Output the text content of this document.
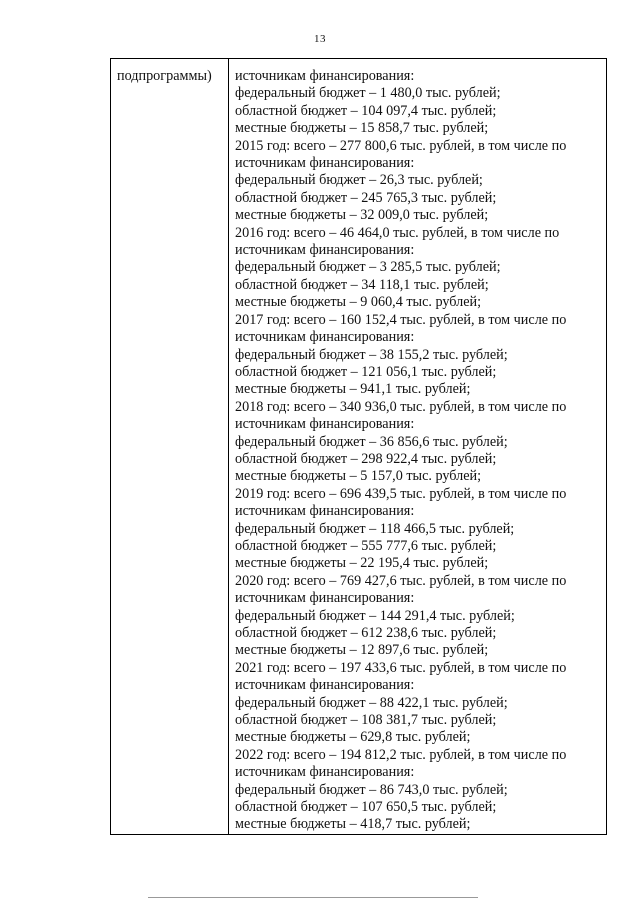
13
подпрограммы)	источникам финансирования:
федеральный бюджет – 1 480,0 тыс. рублей;
областной бюджет – 104 097,4 тыс. рублей;
местные бюджеты – 15 858,7 тыс. рублей;
2015 год: всего – 277 800,6 тыс. рублей, в том числе по
источникам финансирования:
федеральный бюджет – 26,3 тыс. рублей;
областной бюджет – 245 765,3 тыс. рублей;
местные бюджеты – 32 009,0 тыс. рублей;
2016 год: всего – 46 464,0 тыс. рублей, в том числе по
источникам финансирования:
федеральный бюджет – 3 285,5 тыс. рублей;
областной бюджет – 34 118,1 тыс. рублей;
местные бюджеты – 9 060,4 тыс. рублей;
2017 год: всего – 160 152,4 тыс. рублей, в том числе по
источникам финансирования:
федеральный бюджет – 38 155,2 тыс. рублей;
областной бюджет – 121 056,1 тыс. рублей;
местные бюджеты – 941,1 тыс. рублей;
2018 год: всего – 340 936,0 тыс. рублей, в том числе по
источникам финансирования:
федеральный бюджет – 36 856,6 тыс. рублей;
областной бюджет – 298 922,4 тыс. рублей;
местные бюджеты – 5 157,0 тыс. рублей;
2019 год: всего – 696 439,5 тыс. рублей, в том числе по
источникам финансирования:
федеральный бюджет – 118 466,5 тыс. рублей;
областной бюджет – 555 777,6 тыс. рублей;
местные бюджеты – 22 195,4 тыс. рублей;
2020 год: всего – 769 427,6 тыс. рублей, в том числе по
источникам финансирования:
федеральный бюджет – 144 291,4 тыс. рублей;
областной бюджет – 612 238,6 тыс. рублей;
местные бюджеты – 12 897,6 тыс. рублей;
2021 год: всего – 197 433,6 тыс. рублей, в том числе по
источникам финансирования:
федеральный бюджет – 88 422,1 тыс. рублей;
областной бюджет – 108 381,7 тыс. рублей;
местные бюджеты – 629,8 тыс. рублей;
2022 год: всего – 194 812,2 тыс. рублей, в том числе по
источникам финансирования:
федеральный бюджет – 86 743,0 тыс. рублей;
областной бюджет – 107 650,5 тыс. рублей;
местные бюджеты – 418,7 тыс. рублей;
